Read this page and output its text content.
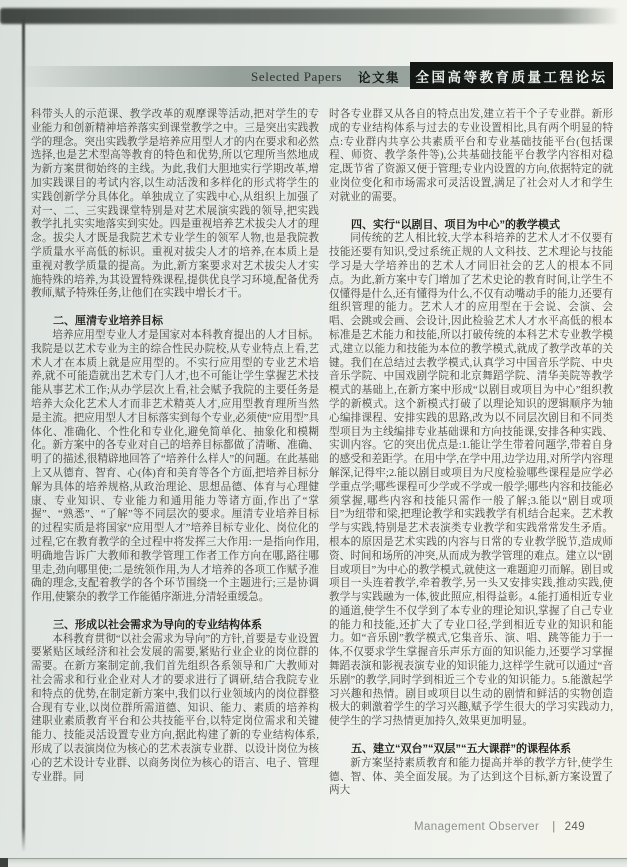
Selected Papers 论文集	全国高等教育质量工程论坛

科带头人的示范课、教学改革的观摩课等活动,把对学生的专业能力和创新精神培养落实到课堂教学之中。三是突出实践教学的理念。突出实践教学是培养应用型人才的内在要求和必然选择,也是艺术型高等教育的特色和优势,所以它理所当然地成为新方案贯彻始终的主线。为此,我们大胆地实行学期改革,增加实践课目的考试内容,以生动活泼和多样化的形式将学生的实践创新学分具体化。单独成立了实践中心,从组织上加强了对一、二、三实践课堂特别是对艺术展演实践的领导,把实践教学扎扎实实地落实到实处。四是重视培养艺术拔尖人才的理念。拔尖人才既是我院艺术专业学生的领军人物,也是我院教学质量水平高低的标识。重视对拔尖人才的培养,在本质上是重视对教学质量的提高。为此,新方案要求对艺术拔尖人才实施特殊的培养,为其设置特殊课程,提供优良学习环境,配备优秀教师,赋予特殊任务,让他们在实践中增长才干。

二、厘清专业培养目标

培养应用型专业人才是国家对本科教育提出的人才目标。我院是以艺术专业为主的综合性民办院校,从专业特点上看,艺术人才在本质上就是应用型的。不实行应用型的专业艺术培养,就不可能造就出艺术专门人才,也不可能让学生掌握艺术技能从事艺术工作;从办学层次上看,社会赋予我院的主要任务是培养大众化艺术人才而非艺术精英人才,应用型教育理所当然是主流。把应用型人才目标落实到每个专业,必须使“应用型”具体化、准确化、个性化和专业化,避免简单化、抽象化和模糊化。新方案中的各专业对自己的培养目标都做了清晰、准确、明了的描述,很精辟地回答了“培养什么样人”的问题。在此基础上又从德育、智育、心(体)育和美育等各个方面,把培养目标分解为具体的培养规格,从政治理论、思想品德、体育与心理健康、专业知识、专业能力和通用能力等诸方面,作出了“掌握”、“熟悉”、“了解”等不同层次的要求。厘清专业培养目标的过程实质是将国家“应用型人才”培养目标专业化、岗位化的过程,它在教育教学的全过程中将发挥三大作用:一是指向作用,明确地告诉广大教师和教学管理工作者工作方向在哪,路往哪里走,劲向哪里使;二是统领作用,为人才培养的各项工作赋予准确的理念,支配着教学的各个环节围绕一个主题进行;三是协调作用,使繁杂的教学工作能循序渐进,分清轻重缓急。

三、形成以社会需求为导向的专业结构体系

本科教育贯彻“以社会需求为导向”的方针,首要是专业设置要紧贴区域经济和社会发展的需要,紧贴行业企业的岗位群的需要。在新方案制定前,我们首先组织各系领导和广大教师对社会需求和行业企业对人才的要求进行了调研,结合我院专业和特点的优势,在制定新方案中,我们以行业领域内的岗位群整合现有专业,以岗位群所需道德、知识、能力、素质的培养构建职业素质教育平台和公共技能平台,以特定岗位需求和关键能力、技能灵活设置专业方向,据此构建了新的专业结构体系,形成了以表演岗位为核心的艺术表演专业群、以设计岗位为核心的艺术设计专业群、以商务岗位为核心的语言、电子、管理专业群。同

时各专业群又从各自的特点出发,建立若干个子专业群。新形成的专业结构体系与过去的专业设置相比,具有两个明显的特点:专业群内共享公共素质平台和专业基础技能平台(包括课程、师资、教学条件等),公共基础技能平台教学内容相对稳定,既节省了资源又便于管理;专业内设置的方向,依据特定的就业岗位变化和市场需求可灵活设置,满足了社会对人才和学生对就业的需要。

四、实行“以剧目、项目为中心”的教学模式

同传统的艺人相比较,大学本科培养的艺术人才不仅要有技能还要有知识,受过系统正规的人文科技、艺术理论与技能学习是大学培养出的艺术人才同旧社会的艺人的根本不同点。为此,新方案中专门增加了艺术史论的教育时间,让学生不仅懂得是什么,还有懂得为什么,不仅有动嘴动手的能力,还要有组织管理的能力。艺术人才的应用型在于会说、会演、会唱、会跳或会画、会设计,因此检验艺术人才水平高低的根本标准是艺术能力和技能,所以打破传统的本科艺术专业教学模式,建立以能力和技能为本位的教学模式,就成了教学改革的关键。我们在总结过去教学模式,认真学习中国音乐学院、中央音乐学院、中国戏剧学院和北京舞蹈学院、清华美院等教学模式的基础上,在新方案中形成“以剧目或项目为中心”组织教学的新模式。这个新模式打破了以理论知识的逻辑顺序为轴心编排课程、安排实践的思路,改为以不同层次剧目和不同类型项目为主线编排专业基础课和方向技能课,安排各种实践、实训内容。它的突出优点是:1.能让学生带着问题学,带着自身的感受和差距学。在用中学,在学中用,边学边用,对所学内容理解深,记得牢;2.能以剧目或项目为尺度检验哪些课程是应学必学重点学;哪些课程可少学或不学或一般学;哪些内容和技能必须掌握,哪些内容和技能只需作一般了解;3.能以“剧目或项目”为纽带和梁,把理论教学和实践教学有机结合起来。艺术教学与实践,特别是艺术表演类专业教学和实践常常发生矛盾。根本的原因是艺术实践的内容与日常的专业教学脱节,造成师资、时间和场所的冲突,从而成为教学管理的难点。建立以“剧目或项目”为中心的教学模式,就使这一难题迎刃而解。剧目或项目一头连着教学,牵着教学,另一头又安排实践,推动实践,使教学与实践融为一体,彼此照应,相得益彰。4.能打通相近专业的通道,使学生不仅学到了本专业的理论知识,掌握了自己专业的能力和技能,还扩大了专业口径,学到相近专业的知识和能力。如“音乐剧”教学模式,它集音乐、演、唱、跳等能力于一体,不仅要求学生掌握音乐声乐方面的知识能力,还要学习掌握舞蹈表演和影视表演专业的知识能力,这样学生就可以通过“音乐剧”的教学,同时学到相近三个专业的知识能力。5.能激起学习兴趣和热情。剧目或项目以生动的剧情和鲜活的实物创造极大的刺激着学生的学习兴趣,赋予学生很大的学习实践动力,使学生的学习热情更加持久,效果更加明显。

五、建立“双台”“双层”“五大课群”的课程体系

新方案坚持素质教育和能力提高并举的教学方针,使学生德、智、体、美全面发展。为了达到这个目标,新方案设置了两大

Management Observer | 249
